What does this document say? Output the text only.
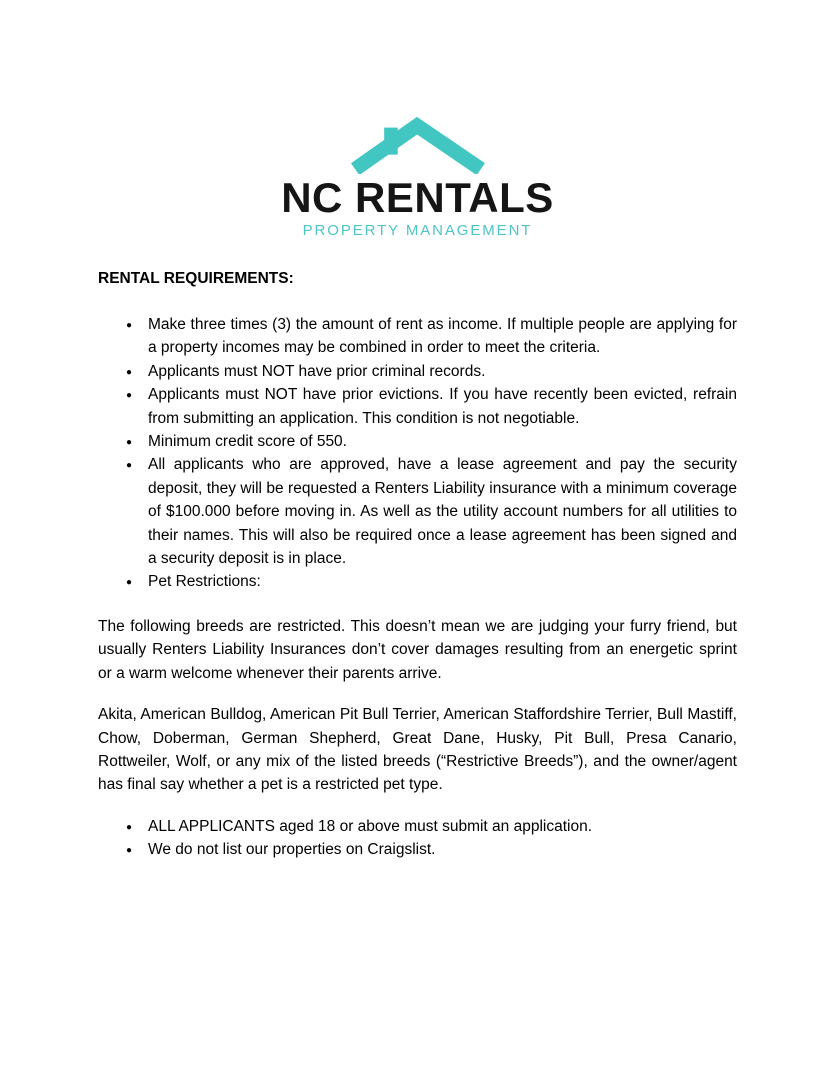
NC RENTALS
PROPERTY MANAGEMENT
RENTAL REQUIREMENTS:
● Make three times (3) the amount of rent as income. If multiple people are applying for a property incomes may be combined in order to meet the criteria.
● Applicants must NOT have prior criminal records.
● Applicants must NOT have prior evictions. If you have recently been evicted, refrain from submitting an application. This condition is not negotiable.
● Minimum credit score of 550.
● All applicants who are approved, have a lease agreement and pay the security deposit, they will be requested a Renters Liability insurance with a minimum coverage of $100.000 before moving in. As well as the utility account numbers for all utilities to their names. This will also be required once a lease agreement has been signed and a security deposit is in place.
● Pet Restrictions:

The following breeds are restricted. This doesn’t mean we are judging your furry friend, but usually Renters Liability Insurances don’t cover damages resulting from an energetic sprint or a warm welcome whenever their parents arrive.

Akita, American Bulldog, American Pit Bull Terrier, American Staffordshire Terrier, Bull Mastiff, Chow, Doberman, German Shepherd, Great Dane, Husky, Pit Bull, Presa Canario, Rottweiler, Wolf, or any mix of the listed breeds (“Restrictive Breeds”), and the owner/agent has final say whether a pet is a restricted pet type.

● ALL APPLICANTS aged 18 or above must submit an application.
● We do not list our properties on Craigslist.
